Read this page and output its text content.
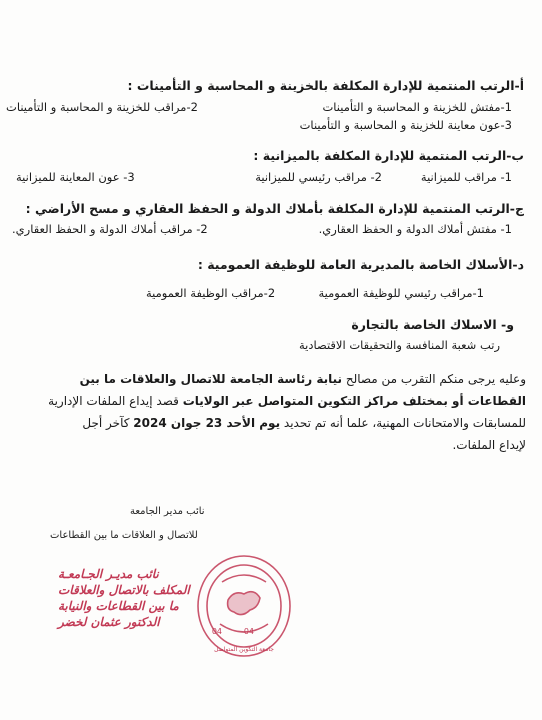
أ-الرتب المنتمية للإدارة المكلفة بالخزينة و المحاسبة و التأمينات :
1-مفتش للخزينة و المحاسبة و التأمينات
2-مراقب للخزينة و المحاسبة و التأمينات
3-عون معاينة للخزينة و المحاسبة و التأمينات
ب-الرتب المنتمية للإدارة المكلفة بالميزانية :
1- مراقب للميزانية
2- مراقب رئيسي للميزانية
3- عون المعاينة للميزانية
ج-الرتب المنتمية للإدارة المكلفة بأملاك الدولة و الحفظ العقاري و مسح الأراضي :
1- مفتش أملاك الدولة و الحفظ العقاري.
2- مراقب أملاك الدولة و الحفظ العقاري.
د-الأسلاك الخاصة بالمديرية العامة للوظيفة العمومية :
1-مراقب رئيسي للوظيفة العمومية
2-مراقب الوظيفة العمومية
و- الاسلاك الخاصة بالتجارة
رتب شعبة المنافسة والتحقيقات الاقتصادية
وعليه يرجى منكم التقرب من مصالح نيابة رئاسة الجامعة للاتصال والعلاقات ما بين
القطاعات أو بمختلف مراكز التكوين المتواصل عبر الولايات قصد إيداع الملفات الإدارية
للمسابقات والامتحانات المهنية، علما أنه تم تحديد يوم الأحد 23 جوان 2024 كآخر أجل
لإيداع الملفات.
نائب مدير الجامعة
للاتصال و العلاقات ما بين القطاعات
نائب مديـر الجـامعـة
المكلف بالاتصال والعلاقات
ما بين القطاعات والنيابة
الدكتور عثمان لخضر
04	04
جامعة التكوين المتواصل
